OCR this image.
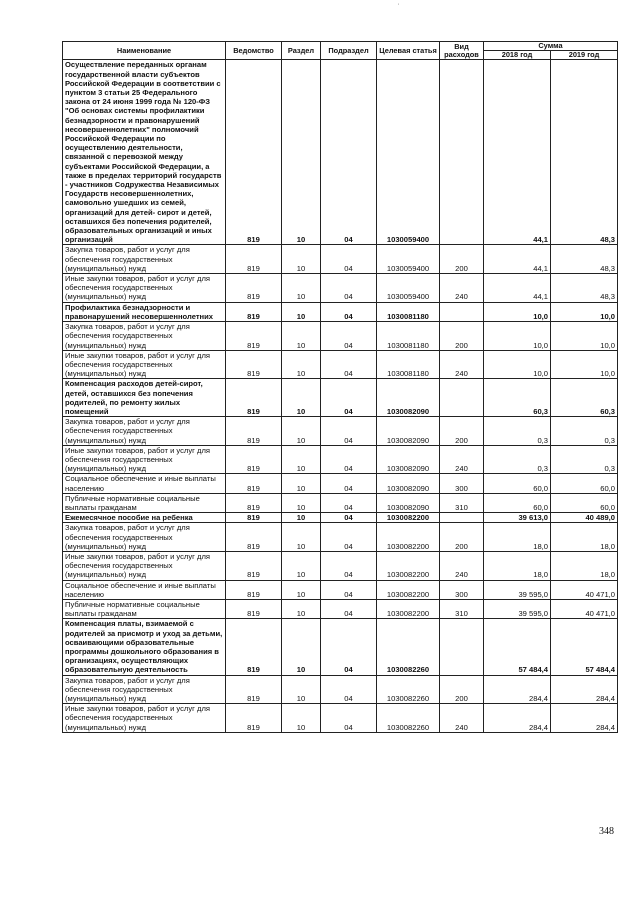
'
Наименование	Ведомство	Раздел	Подраздел	Целевая статья	Вид расходов	Сумма	
						2018 год	2019 год
Осуществление переданных органам государственной власти субъектов Российской Федерации в соответствии с пунктом 3 статьи 25 Федерального закона от 24 июня 1999 года № 120-ФЗ "Об основах системы профилактики безнадзорности и правонарушений несовершеннолетних" полномочий Российской Федерации по осуществлению деятельности, связанной с перевозкой между субъектами Российской Федерации, а также в пределах территорий государств - участников Содружества Независимых Государств несовершеннолетних, самовольно ушедших из семей, организаций для детей- сирот и детей, оставшихся без попечения родителей, образовательных организаций и иных организаций	819	10	04	1030059400		44,1	48,3
Закупка товаров, работ и услуг для обеспечения государственных (муниципальных) нужд	819	10	04	1030059400	200	44,1	48,3
Иные закупки товаров, работ и услуг для обеспечения государственных (муниципальных) нужд	819	10	04	1030059400	240	44,1	48,3
Профилактика безнадзорности и правонарушений несовершеннолетних	819	10	04	1030081180		10,0	10,0
Закупка товаров, работ и услуг для обеспечения государственных (муниципальных) нужд	819	10	04	1030081180	200	10,0	10,0
Иные закупки товаров, работ и услуг для обеспечения государственных (муниципальных) нужд	819	10	04	1030081180	240	10,0	10,0
Компенсация расходов детей-сирот, детей, оставшихся без попечения родителей, по ремонту жилых помещений	819	10	04	1030082090		60,3	60,3
Закупка товаров, работ и услуг для обеспечения государственных (муниципальных) нужд	819	10	04	1030082090	200	0,3	0,3
Иные закупки товаров, работ и услуг для обеспечения государственных (муниципальных) нужд	819	10	04	1030082090	240	0,3	0,3
Социальное обеспечение и иные выплаты населению	819	10	04	1030082090	300	60,0	60,0
Публичные нормативные социальные выплаты гражданам	819	10	04	1030082090	310	60,0	60,0
Ежемесячное пособие на ребенка	819	10	04	1030082200		39 613,0	40 489,0
Закупка товаров, работ и услуг для обеспечения государственных (муниципальных) нужд	819	10	04	1030082200	200	18,0	18,0
Иные закупки товаров, работ и услуг для обеспечения государственных (муниципальных) нужд	819	10	04	1030082200	240	18,0	18,0
Социальное обеспечение и иные выплаты населению	819	10	04	1030082200	300	39 595,0	40 471,0
Публичные нормативные социальные выплаты гражданам	819	10	04	1030082200	310	39 595,0	40 471,0
Компенсация платы, взимаемой с родителей за присмотр и уход за детьми, осваивающими образовательные программы дошкольного образования в организациях, осуществляющих образовательную деятельность	819	10	04	1030082260		57 484,4	57 484,4
Закупка товаров, работ и услуг для обеспечения государственных (муниципальных) нужд	819	10	04	1030082260	200	284,4	284,4
Иные закупки товаров, работ и услуг для обеспечения государственных (муниципальных) нужд	819	10	04	1030082260	240	284,4	284,4
348
